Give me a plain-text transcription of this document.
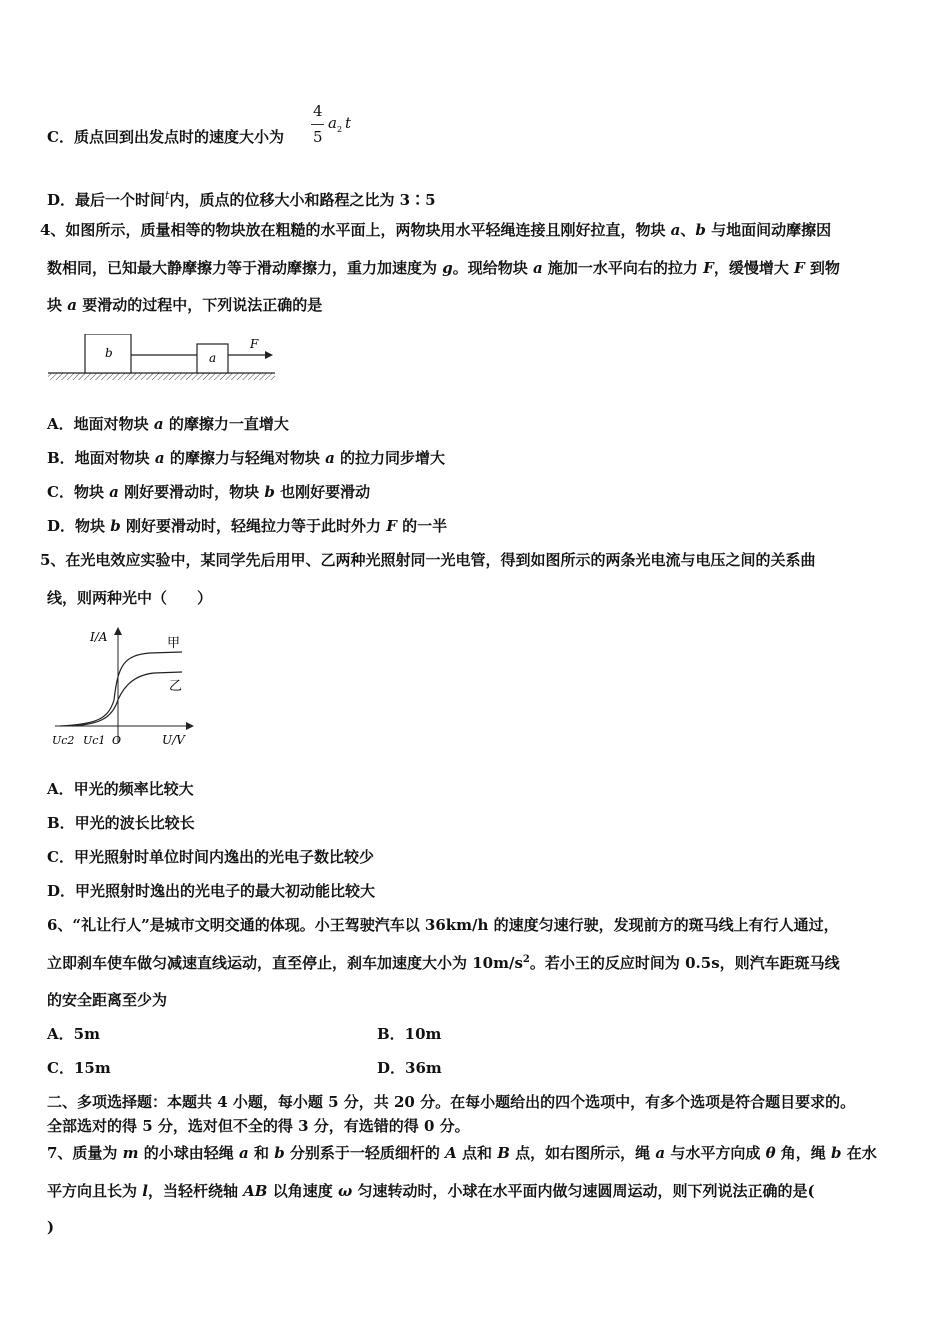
C．质点回到出发点时的速度大小为
4
5
$a_2$ t
D．最后一个时间$^t$内，质点的位移大小和路程之比为 3∶5
4、如图所示，质量相等的物块放在粗糙的水平面上，两物块用水平轻绳连接且刚好拉直，物块 a、b 与地面间动摩擦因
数相同，已知最大静摩擦力等于滑动摩擦力，重力加速度为 g。现给物块 a 施加一水平向右的拉力 F，缓慢增大 F 到物
块 a 要滑动的过程中，下列说法正确的是
b	a
F
A．地面对物块 a 的摩擦力一直增大
B．地面对物块 a 的摩擦力与轻绳对物块 a 的拉力同步增大
C．物块 a 刚好要滑动时，物块 b 也刚好要滑动
D．物块 b 刚好要滑动时，轻绳拉力等于此时外力 F 的一半
5、在光电效应实验中，某同学先后用甲、乙两种光照射同一光电管，得到如图所示的两条光电流与电压之间的关系曲
线，则两种光中（　　）
I/A
U/V
甲
乙
Uc2 Uc1 O
A．甲光的频率比较大
B．甲光的波长比较长
C．甲光照射时单位时间内逸出的光电子数比较少
D．甲光照射时逸出的光电子的最大初动能比较大
6、“礼让行人”是城市文明交通的体现。小王驾驶汽车以 36km/h 的速度匀速行驶，发现前方的斑马线上有行人通过，
立即刹车使车做匀减速直线运动，直至停止，刹车加速度大小为 $10m/s^2$。若小王的反应时间为 0.5s，则汽车距斑马线
的安全距离至少为
A．5m	B．10m
C．15m	D．36m
二、多项选择题：本题共 4 小题，每小题 5 分，共 20 分。在每小题给出的四个选项中，有多个选项是符合题目要求的。
全部选对的得 5 分，选对但不全的得 3 分，有选错的得 0 分。
7、质量为 m 的小球由轻绳 a 和 b 分别系于一轻质细杆的 A 点和 B 点，如右图所示，绳 a 与水平方向成 θ 角，绳 b 在水
平方向且长为 l，当轻杆绕轴 AB 以角速度 ω 匀速转动时，小球在水平面内做匀速圆周运动，则下列说法正确的是(
)
